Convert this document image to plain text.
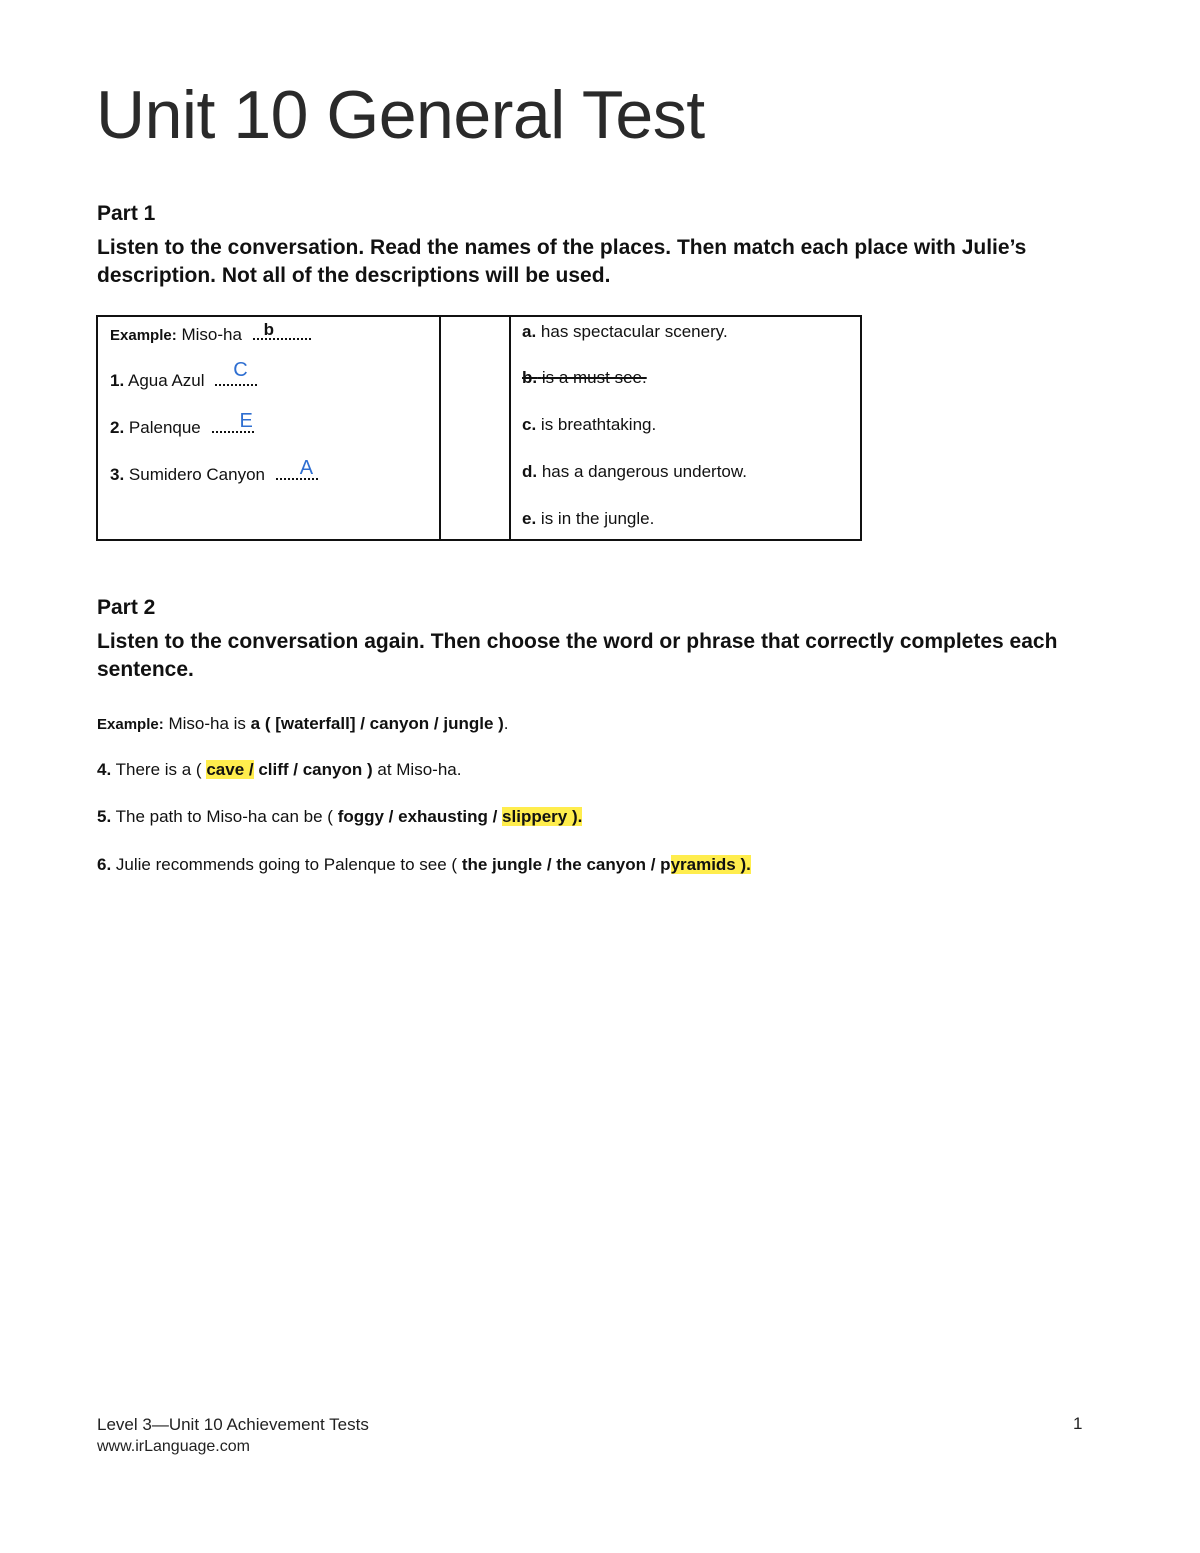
Unit 10 General Test
Part 1

Listen to the conversation. Read the names of the places. Then match each place with Julie’s description. Not all of the descriptions will be used.

Example: Miso-ha b
1. Agua Azul C
2. Palenque E
3. Sumidero Canyon A
a. has spectacular scenery.
b. is a must see.
c. is breathtaking.
d. has a dangerous undertow.
e. is in the jungle.
Part 2

Listen to the conversation again. Then choose the word or phrase that correctly completes each sentence.

Example: Miso-ha is a ( [waterfall] / canyon / jungle ).

4. There is a ( cave / cliff / canyon ) at Miso-ha.

5. The path to Miso-ha can be ( foggy / exhausting / slippery ).

6. Julie recommends going to Palenque to see ( the jungle / the canyon / pyramids ).

Level 3—Unit 10 Achievement Tests
www.irLanguage.com
1
